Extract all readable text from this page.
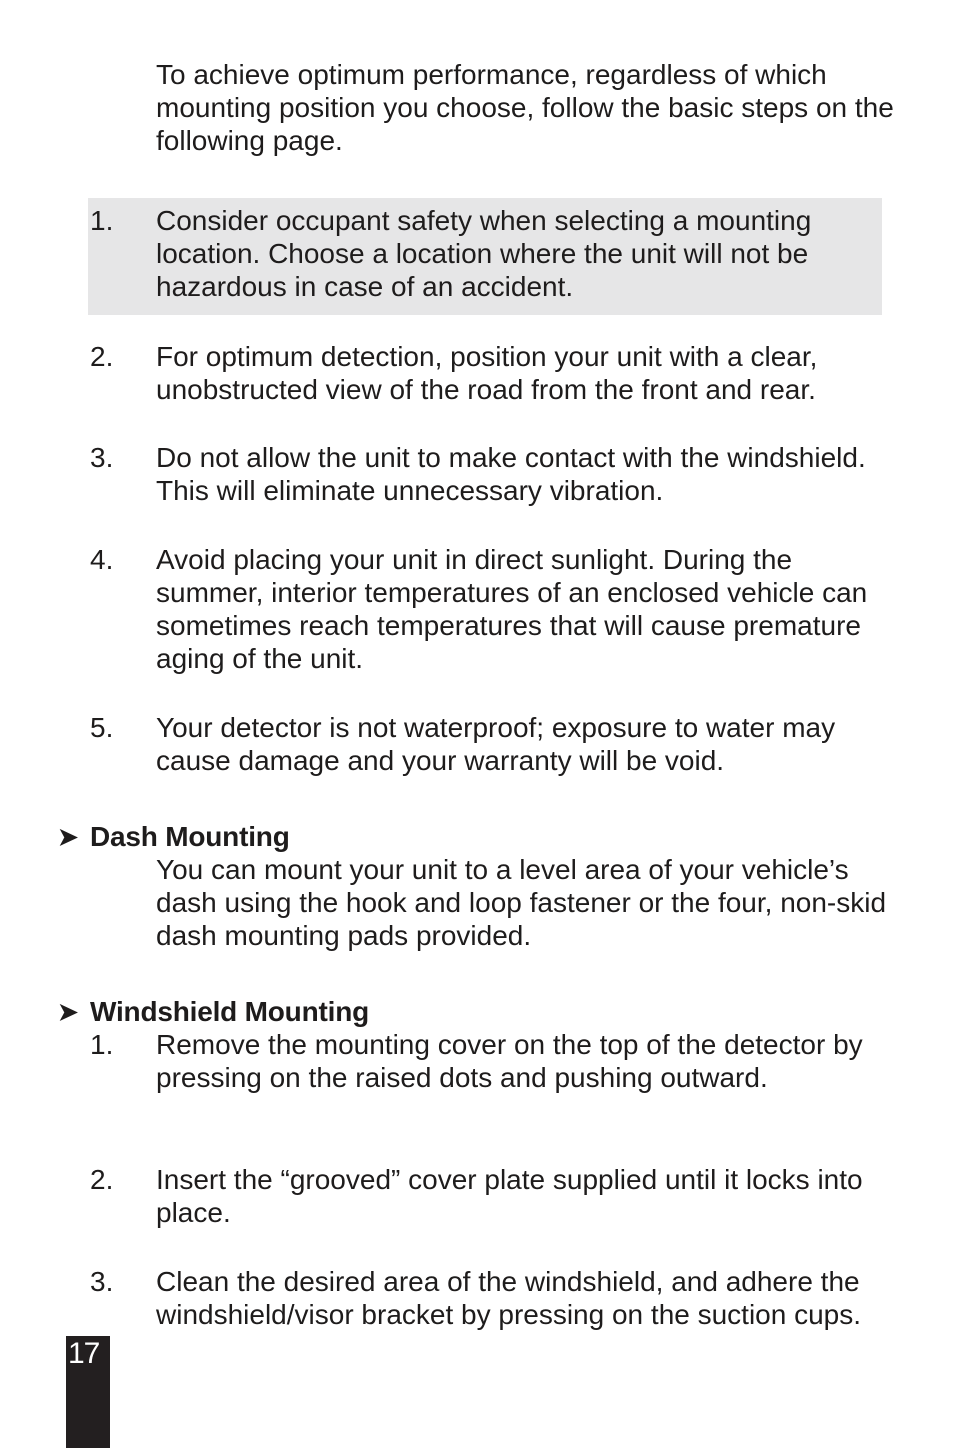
To achieve optimum performance, regardless of which mounting position you choose, follow the basic steps on the following page.
1.	Consider occupant safety when selecting a mounting location. Choose a location where the unit will not be hazardous in case of an accident.
2.	For optimum detection, position your unit with a clear, unobstructed view of the road from the front and rear.
3.	Do not allow the unit to make contact with the windshield. This will eliminate unnecessary vibration.
4.	Avoid placing your unit in direct sunlight. During the summer, interior temperatures of an enclosed vehicle can sometimes reach temperatures that will cause premature aging of the unit.
5.	Your detector is not waterproof; exposure to water may cause damage and your warranty will be void.
➤ Dash Mounting
You can mount your unit to a level area of your vehicle’s dash using the hook and loop fastener or the four, non-skid dash mounting pads provided.
➤ Windshield Mounting
1.	Remove the mounting cover on the top of the detector by pressing on the raised dots and pushing outward.
2.	Insert the “grooved” cover plate supplied until it locks into place.
3.	Clean the desired area of the windshield, and adhere the windshield/visor bracket by pressing on the suction cups.
17
